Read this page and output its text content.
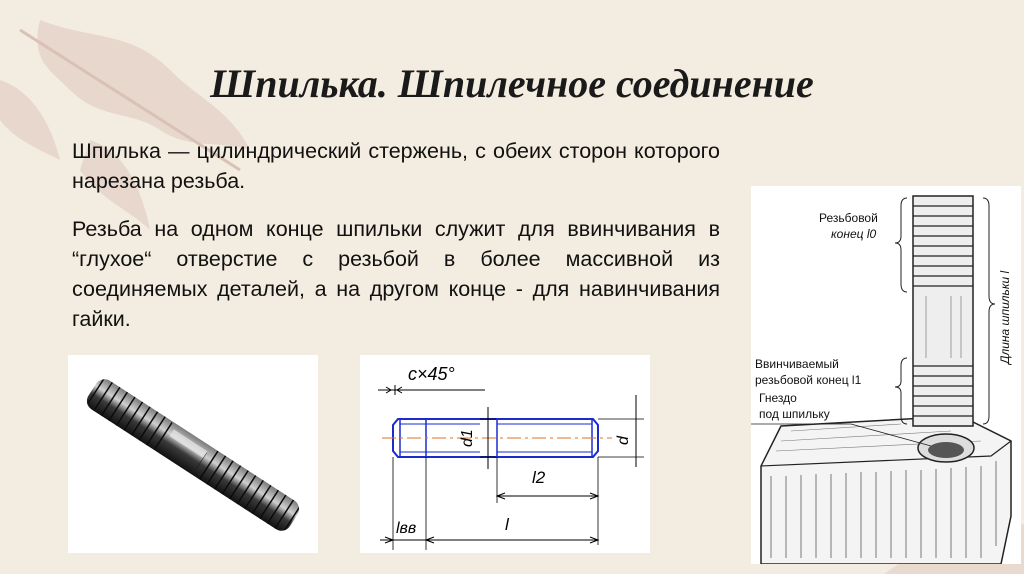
Шпилька. Шпилечное соединение

Шпилька — цилиндрический стержень, с обеих сторон которого нарезана резьба.

Резьба на одном конце шпильки служит для ввинчивания в “глухое“ отверстие с резьбой в более массивной из соединяемых деталей, а на другом конце - для навинчивания гайки.

c×45°
d1	d
l2
lвв	l
Резьбовой
конец l0
Длина шпильки l
Ввинчиваемый
резьбовой конец l1
Гнездо
под шпильку
